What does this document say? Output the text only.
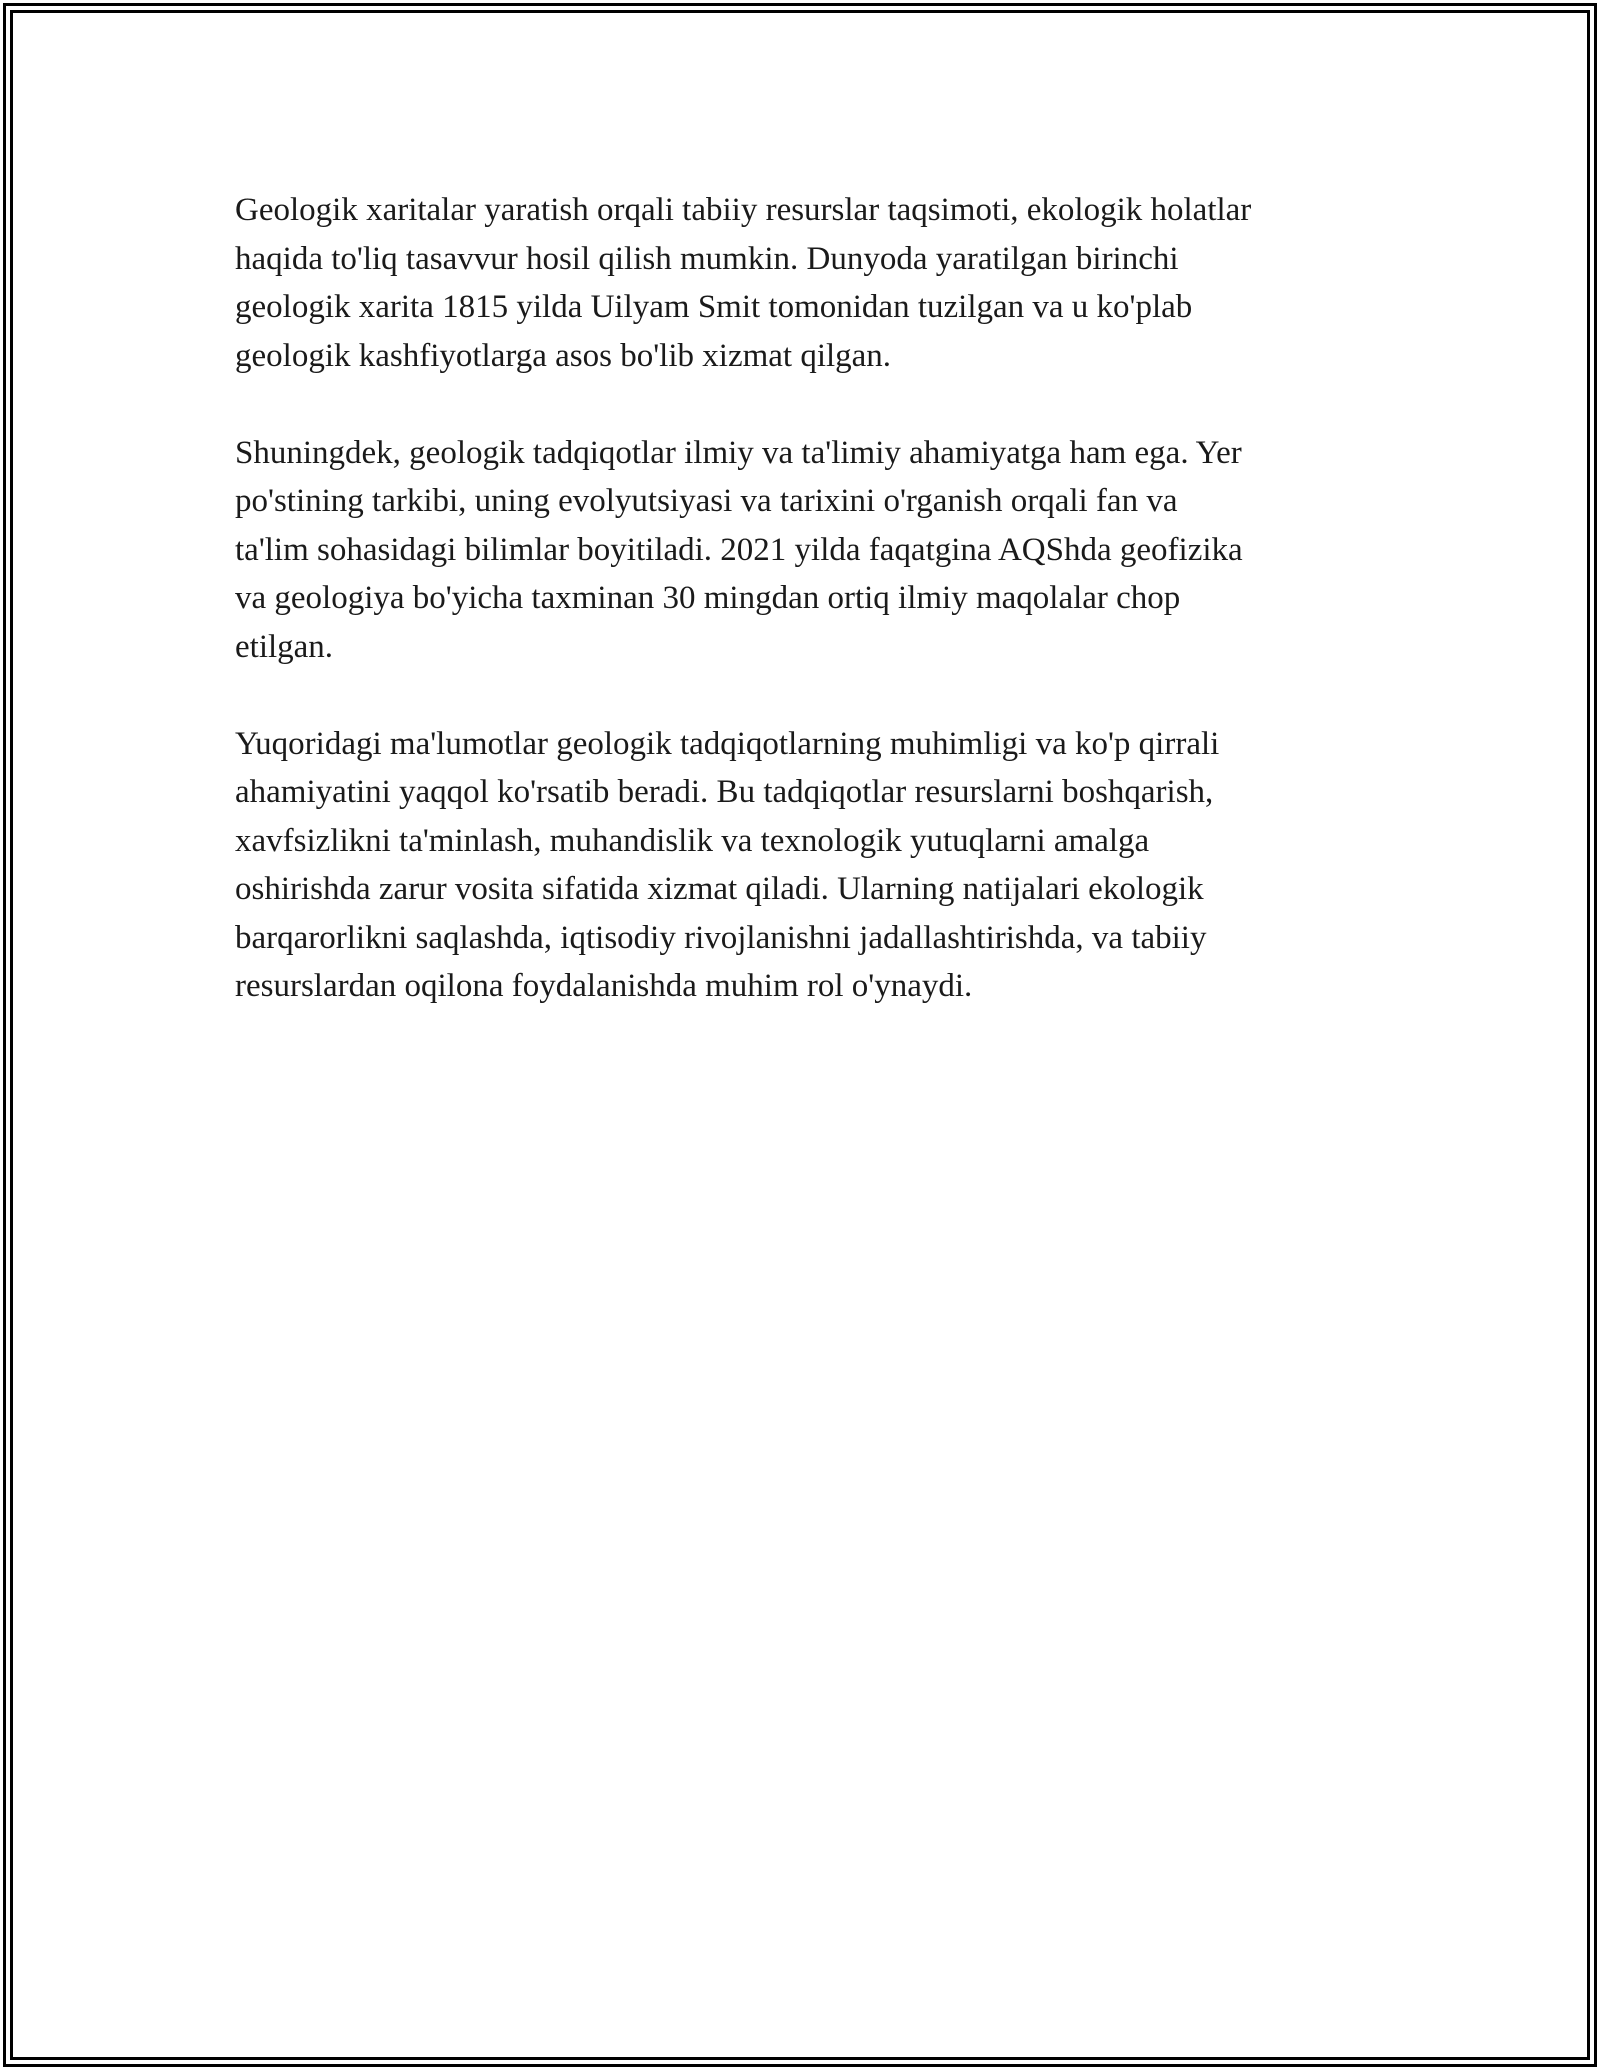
Geologik xaritalar yaratish orqali tabiiy resurslar taqsimoti, ekologik holatlar
haqida to'liq tasavvur hosil qilish mumkin. Dunyoda yaratilgan birinchi
geologik xarita 1815 yilda Uilyam Smit tomonidan tuzilgan va u ko'plab
geologik kashfiyotlarga asos bo'lib xizmat qilgan.

Shuningdek, geologik tadqiqotlar ilmiy va ta'limiy ahamiyatga ham ega. Yer
po'stining tarkibi, uning evolyutsiyasi va tarixini o'rganish orqali fan va
ta'lim sohasidagi bilimlar boyitiladi. 2021 yilda faqatgina AQShda geofizika
va geologiya bo'yicha taxminan 30 mingdan ortiq ilmiy maqolalar chop
etilgan.

Yuqoridagi ma'lumotlar geologik tadqiqotlarning muhimligi va ko'p qirrali
ahamiyatini yaqqol ko'rsatib beradi. Bu tadqiqotlar resurslarni boshqarish,
xavfsizlikni ta'minlash, muhandislik va texnologik yutuqlarni amalga
oshirishda zarur vosita sifatida xizmat qiladi. Ularning natijalari ekologik
barqarorlikni saqlashda, iqtisodiy rivojlanishni jadallashtirishda, va tabiiy
resurslardan oqilona foydalanishda muhim rol o'ynaydi.
